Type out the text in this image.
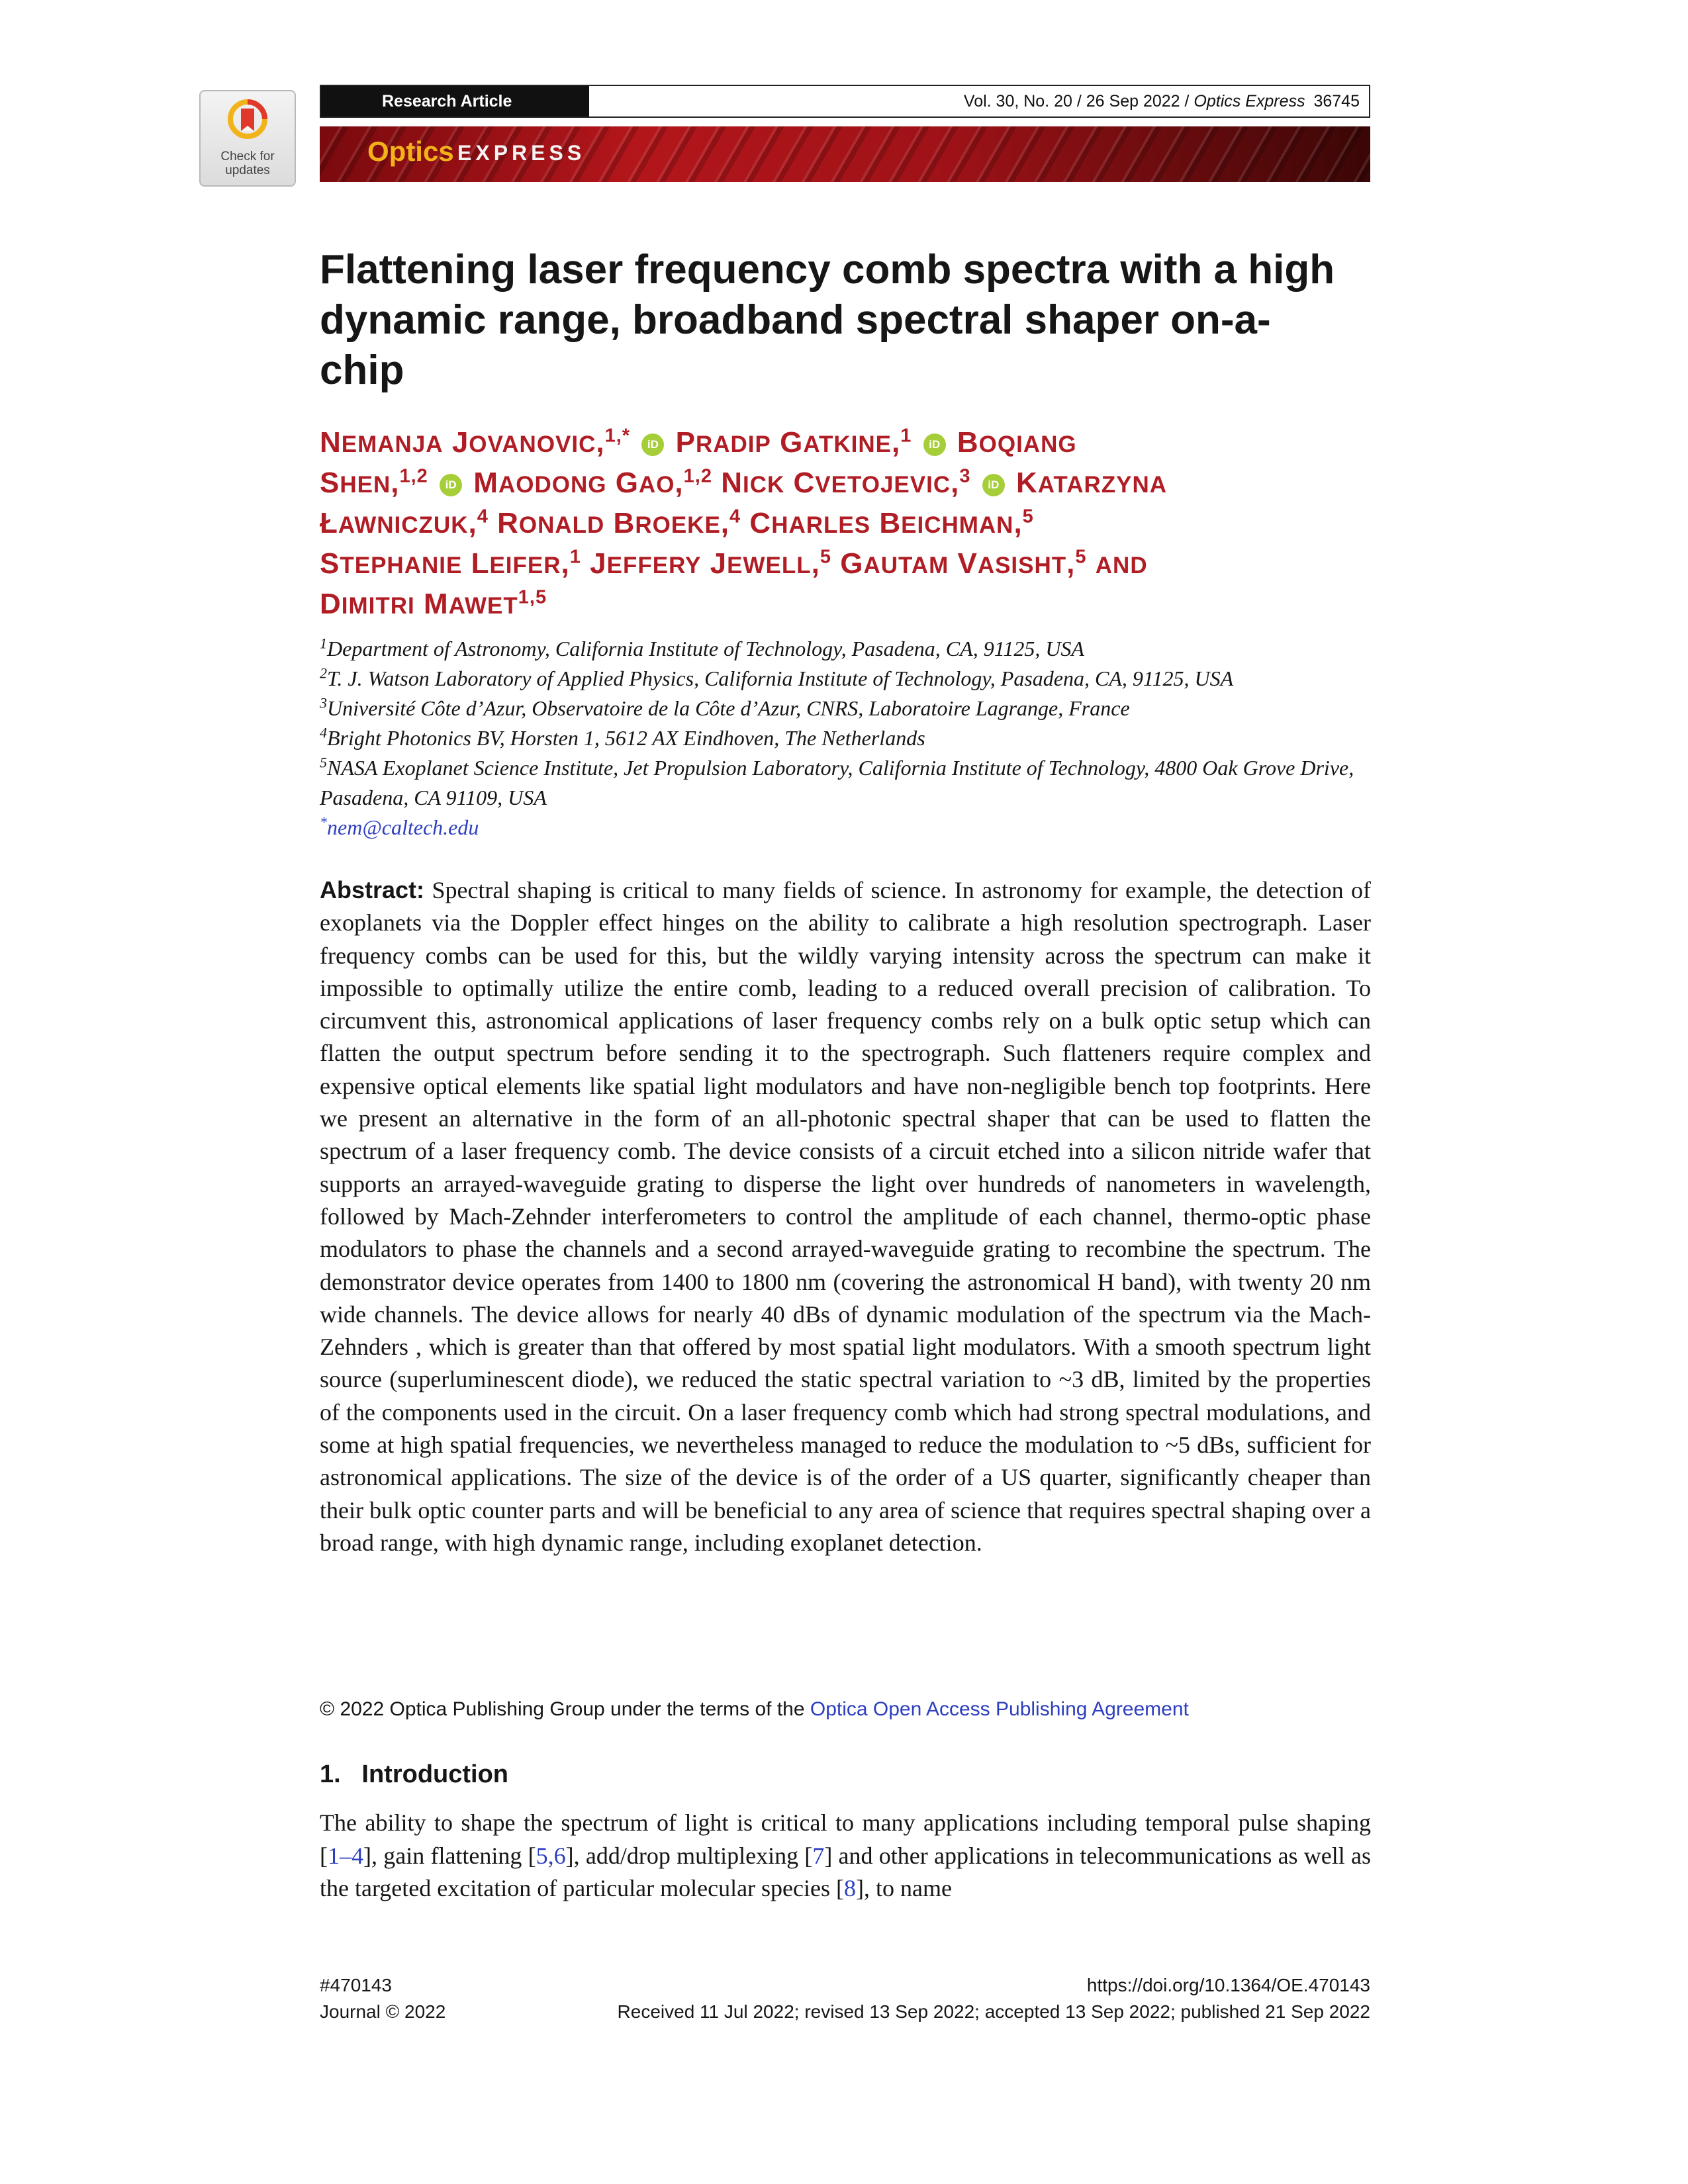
Check for
updates
Research Article	Vol. 30, No. 20 / 26 Sep 2022 / Optics Express 36745
Optics EXPRESS
Flattening laser frequency comb spectra with a high dynamic range, broadband spectral shaper on-a-chip
NEMANJA JOVANOVIC,$^{1,*}$ iD PRADIP GATKINE,$^1$ iD BOQIANG
SHEN,$^{1,2}$ iD MAODONG GAO,$^{1,2}$ NICK CVETOJEVIC,$^3$ iD KATARZYNA
ŁAWNICZUK,$^4$ RONALD BROEKE,$^4$ CHARLES BEICHMAN,$^5$
STEPHANIE LEIFER,$^1$ JEFFERY JEWELL,$^5$ GAUTAM VASISHT,$^5$ AND
DIMITRI MAWET$^{1,5}$
$^1$Department of Astronomy, California Institute of Technology, Pasadena, CA, 91125, USA
$^2$T. J. Watson Laboratory of Applied Physics, California Institute of Technology, Pasadena, CA, 91125, USA
$^3$Université Côte d’Azur, Observatoire de la Côte d’Azur, CNRS, Laboratoire Lagrange, France
$^4$Bright Photonics BV, Horsten 1, 5612 AX Eindhoven, The Netherlands
$^5$NASA Exoplanet Science Institute, Jet Propulsion Laboratory, California Institute of Technology, 4800 Oak Grove Drive, Pasadena, CA 91109, USA
*nem@caltech.edu
Abstract: Spectral shaping is critical to many fields of science. In astronomy for example, the detection of exoplanets via the Doppler effect hinges on the ability to calibrate a high resolution spectrograph. Laser frequency combs can be used for this, but the wildly varying intensity across the spectrum can make it impossible to optimally utilize the entire comb, leading to a reduced overall precision of calibration. To circumvent this, astronomical applications of laser frequency combs rely on a bulk optic setup which can flatten the output spectrum before sending it to the spectrograph. Such flatteners require complex and expensive optical elements like spatial light modulators and have non-negligible bench top footprints. Here we present an alternative in the form of an all-photonic spectral shaper that can be used to flatten the spectrum of a laser frequency comb. The device consists of a circuit etched into a silicon nitride wafer that supports an arrayed-waveguide grating to disperse the light over hundreds of nanometers in wavelength, followed by Mach-Zehnder interferometers to control the amplitude of each channel, thermo-optic phase modulators to phase the channels and a second arrayed-waveguide grating to recombine the spectrum. The demonstrator device operates from 1400 to 1800 nm (covering the astronomical H band), with twenty 20 nm wide channels. The device allows for nearly 40 dBs of dynamic modulation of the spectrum via the Mach-Zehnders , which is greater than that offered by most spatial light modulators. With a smooth spectrum light source (superluminescent diode), we reduced the static spectral variation to ~3 dB, limited by the properties of the components used in the circuit. On a laser frequency comb which had strong spectral modulations, and some at high spatial frequencies, we nevertheless managed to reduce the modulation to ~5 dBs, sufficient for astronomical applications. The size of the device is of the order of a US quarter, significantly cheaper than their bulk optic counter parts and will be beneficial to any area of science that requires spectral shaping over a broad range, with high dynamic range, including exoplanet detection.
© 2022 Optica Publishing Group under the terms of the Optica Open Access Publishing Agreement
1. Introduction
The ability to shape the spectrum of light is critical to many applications including temporal pulse shaping [1–4], gain flattening [5,6], add/drop multiplexing [7] and other applications in telecommunications as well as the targeted excitation of particular molecular species [8], to name
#470143
Journal © 2022
https://doi.org/10.1364/OE.470143
Received 11 Jul 2022; revised 13 Sep 2022; accepted 13 Sep 2022; published 21 Sep 2022
